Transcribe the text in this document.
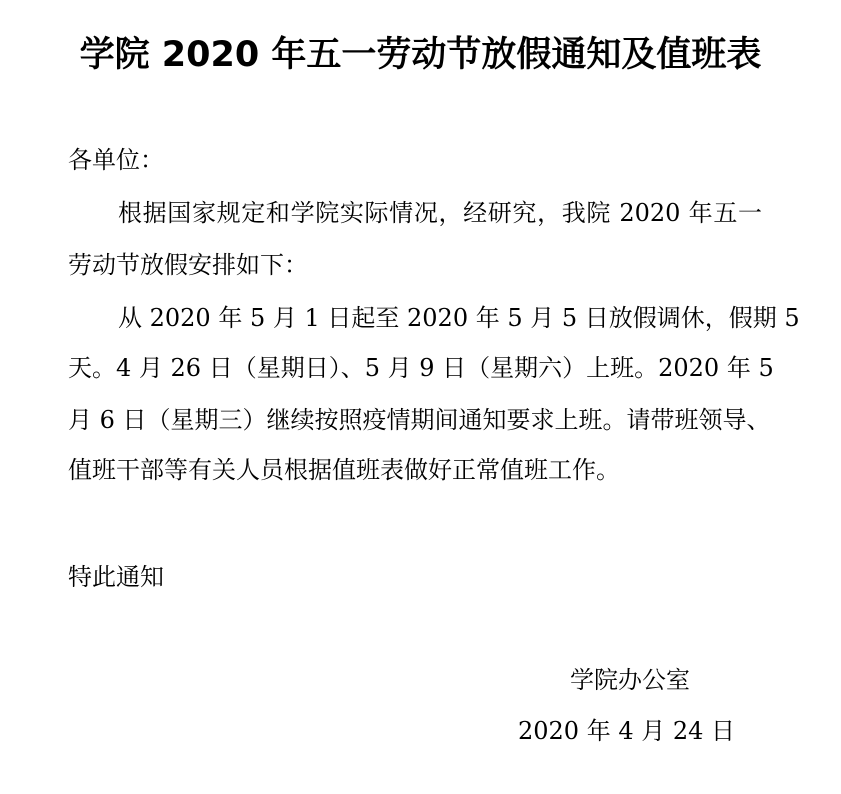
学院 2020 年五一劳动节放假通知及值班表
各单位：
根据国家规定和学院实际情况，经研究，我院 2020 年五一
劳动节放假安排如下：
从 2020 年 5 月 1 日起至 2020 年 5 月 5 日放假调休，假期 5
天。4 月 26 日（星期日）、5 月 9 日（星期六）上班。2020 年 5
月 6 日（星期三）继续按照疫情期间通知要求上班。请带班领导、
值班干部等有关人员根据值班表做好正常值班工作。
特此通知
学院办公室
2020 年 4 月 24 日
